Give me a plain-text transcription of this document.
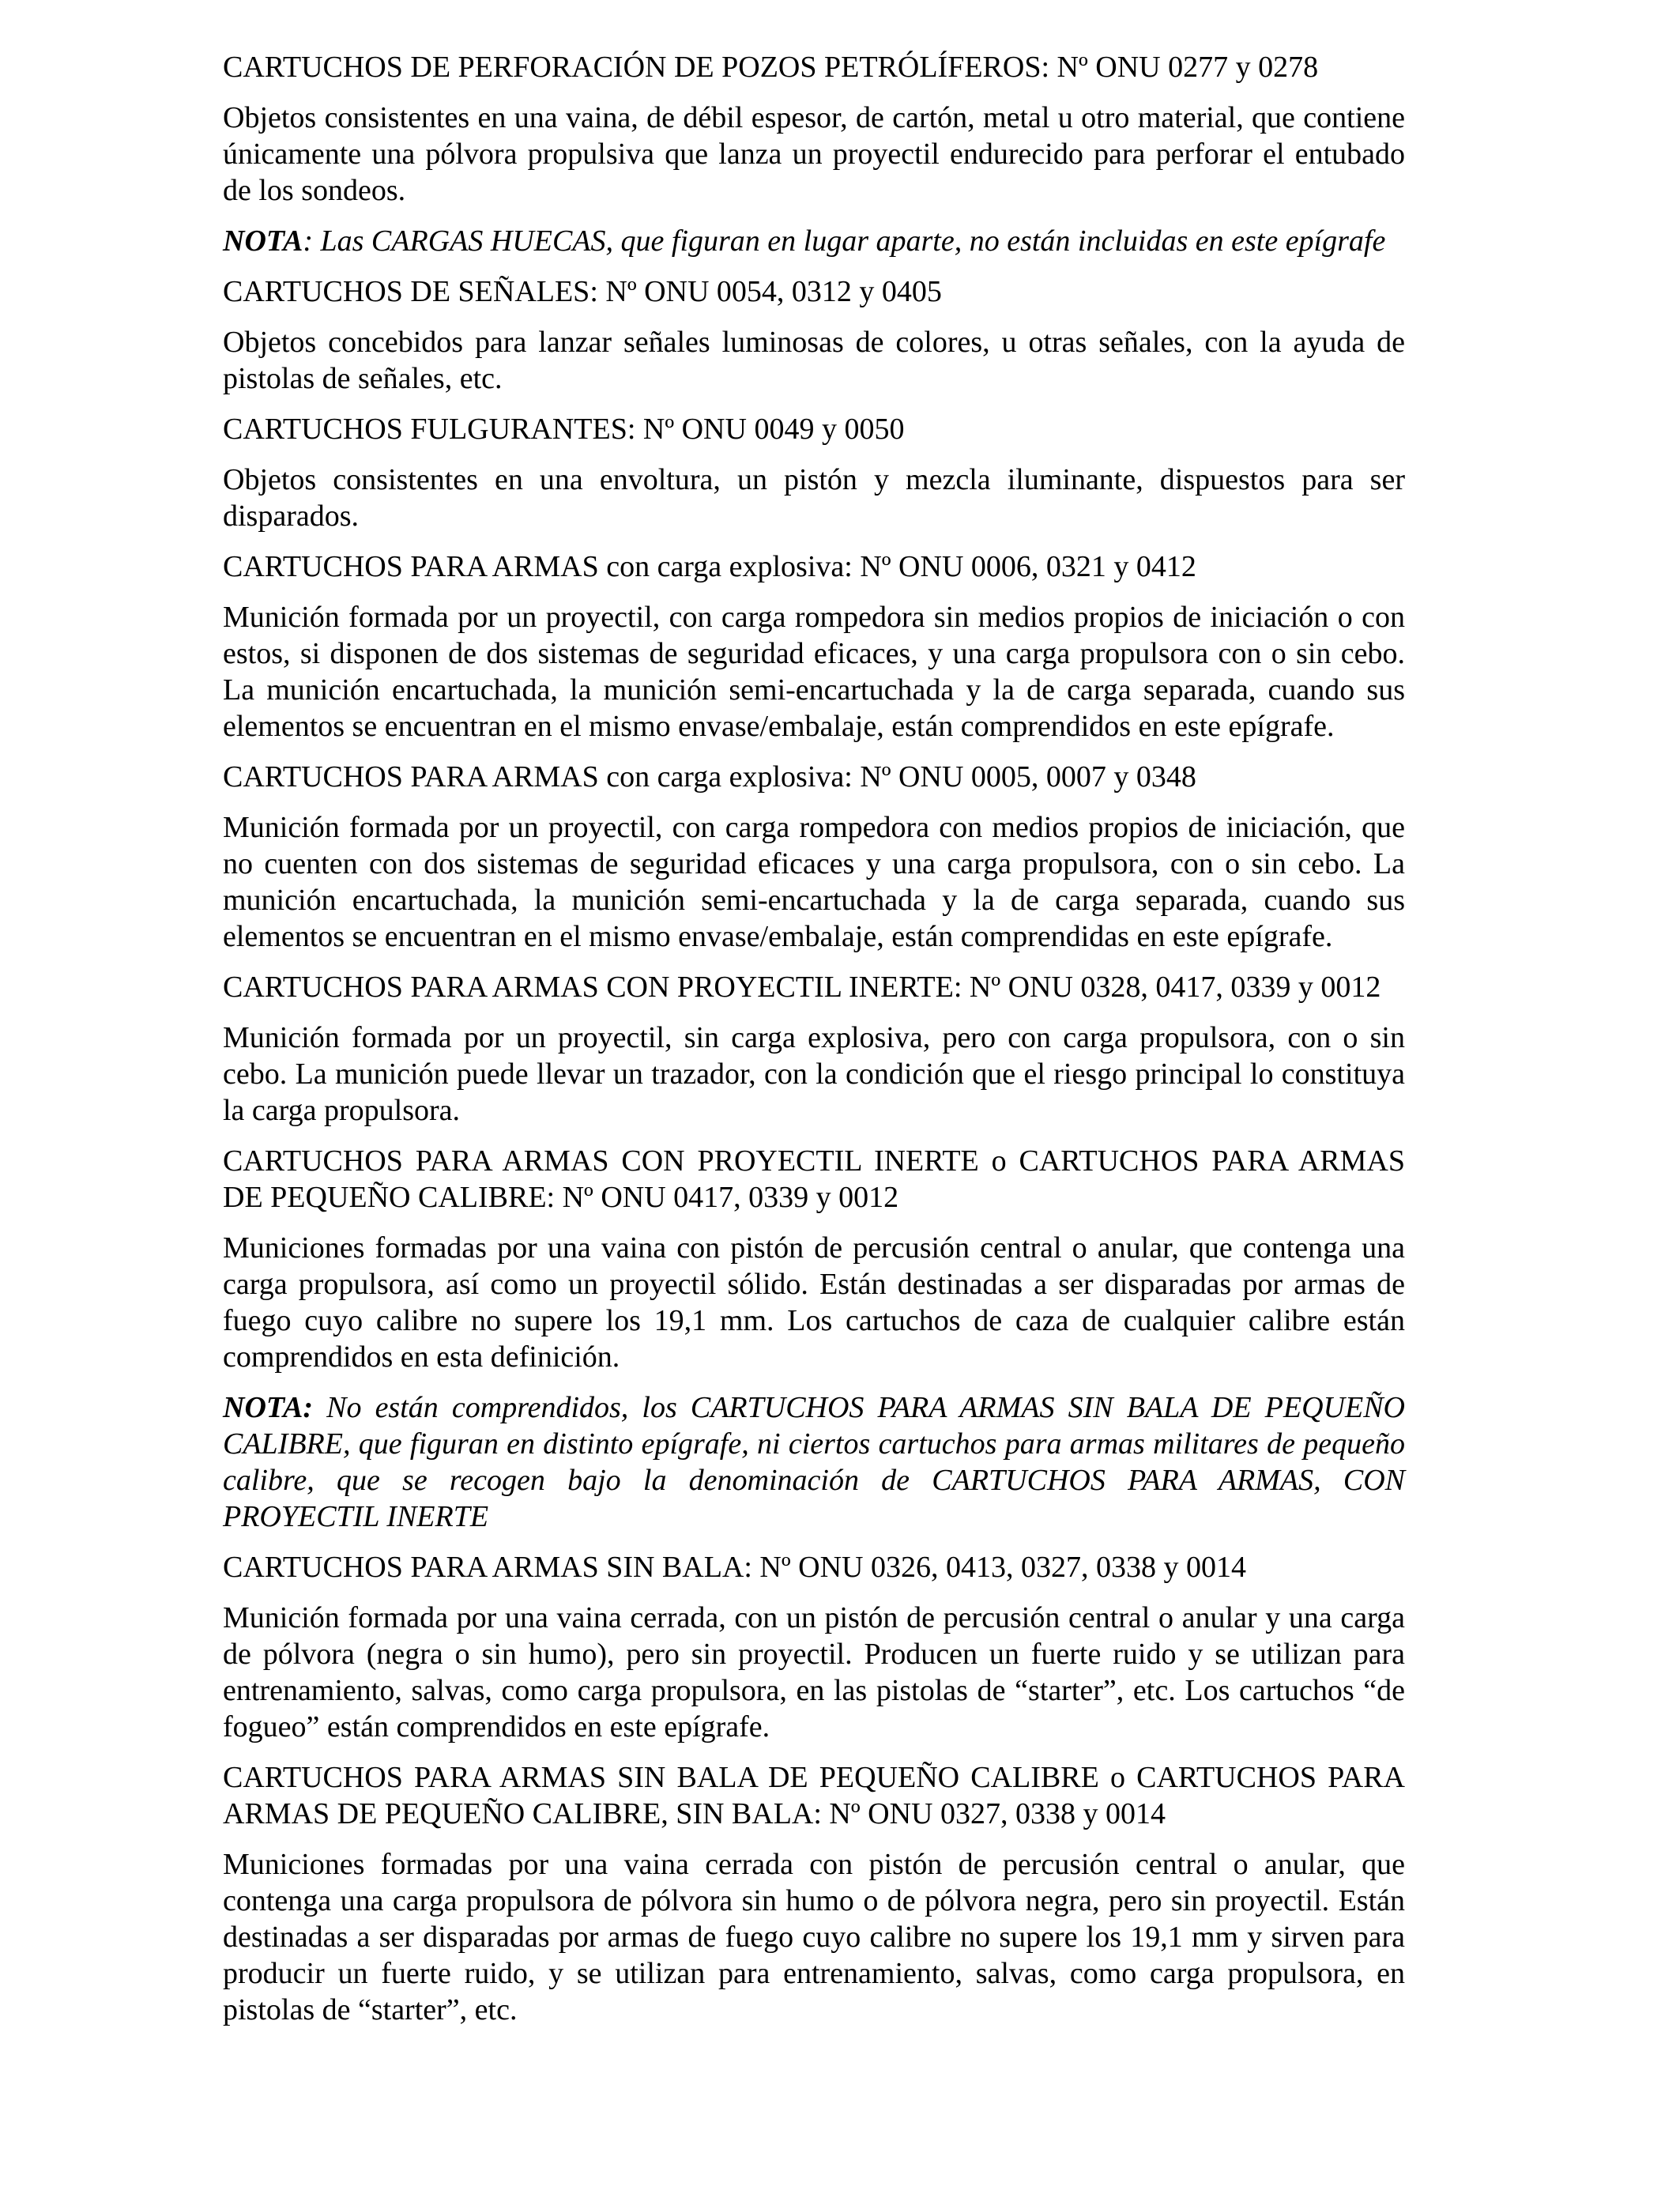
CARTUCHOS DE PERFORACIÓN DE POZOS PETRÓLÍFEROS: Nº ONU 0277 y 0278

Objetos consistentes en una vaina, de débil espesor, de cartón, metal u otro material, que contiene únicamente una pólvora propulsiva que lanza un proyectil endurecido para perforar el entubado de los sondeos.

NOTA: Las CARGAS HUECAS, que figuran en lugar aparte, no están incluidas en este epígrafe

CARTUCHOS DE SEÑALES: Nº ONU 0054, 0312 y 0405

Objetos concebidos para lanzar señales luminosas de colores, u otras señales, con la ayuda de pistolas de señales, etc.

CARTUCHOS FULGURANTES: Nº ONU 0049 y 0050

Objetos consistentes en una envoltura, un pistón y mezcla iluminante, dispuestos para ser disparados.

CARTUCHOS PARA ARMAS con carga explosiva: Nº ONU 0006, 0321 y 0412

Munición formada por un proyectil, con carga rompedora sin medios propios de iniciación o con estos, si disponen de dos sistemas de seguridad eficaces, y una carga propulsora con o sin cebo. La munición encartuchada, la munición semi-encartuchada y la de carga separada, cuando sus elementos se encuentran en el mismo envase/embalaje, están comprendidos en este epígrafe.

CARTUCHOS PARA ARMAS con carga explosiva: Nº ONU 0005, 0007 y 0348

Munición formada por un proyectil, con carga rompedora con medios propios de iniciación, que no cuenten con dos sistemas de seguridad eficaces y una carga propulsora, con o sin cebo. La munición encartuchada, la munición semi-encartuchada y la de carga separada, cuando sus elementos se encuentran en el mismo envase/embalaje, están comprendidas en este epígrafe.

CARTUCHOS PARA ARMAS CON PROYECTIL INERTE: Nº ONU 0328, 0417, 0339 y 0012

Munición formada por un proyectil, sin carga explosiva, pero con carga propulsora, con o sin cebo. La munición puede llevar un trazador, con la condición que el riesgo principal lo constituya la carga propulsora.

CARTUCHOS PARA ARMAS CON PROYECTIL INERTE o CARTUCHOS PARA ARMAS DE PEQUEÑO CALIBRE: Nº ONU 0417, 0339 y 0012

Municiones formadas por una vaina con pistón de percusión central o anular, que contenga una carga propulsora, así como un proyectil sólido. Están destinadas a ser disparadas por armas de fuego cuyo calibre no supere los 19,1 mm. Los cartuchos de caza de cualquier calibre están comprendidos en esta definición.

NOTA: No están comprendidos, los CARTUCHOS PARA ARMAS SIN BALA DE PEQUEÑO CALIBRE, que figuran en distinto epígrafe, ni ciertos cartuchos para armas militares de pequeño calibre, que se recogen bajo la denominación de CARTUCHOS PARA ARMAS, CON PROYECTIL INERTE

CARTUCHOS PARA ARMAS SIN BALA: Nº ONU 0326, 0413, 0327, 0338 y 0014

Munición formada por una vaina cerrada, con un pistón de percusión central o anular y una carga de pólvora (negra o sin humo), pero sin proyectil. Producen un fuerte ruido y se utilizan para entrenamiento, salvas, como carga propulsora, en las pistolas de “starter”, etc. Los cartuchos “de fogueo” están comprendidos en este epígrafe.

CARTUCHOS PARA ARMAS SIN BALA DE PEQUEÑO CALIBRE o CARTUCHOS PARA ARMAS DE PEQUEÑO CALIBRE, SIN BALA: Nº ONU 0327, 0338 y 0014

Municiones formadas por una vaina cerrada con pistón de percusión central o anular, que contenga una carga propulsora de pólvora sin humo o de pólvora negra, pero sin proyectil. Están destinadas a ser disparadas por armas de fuego cuyo calibre no supere los 19,1 mm y sirven para producir un fuerte ruido, y se utilizan para entrenamiento, salvas, como carga propulsora, en pistolas de “starter”, etc.
